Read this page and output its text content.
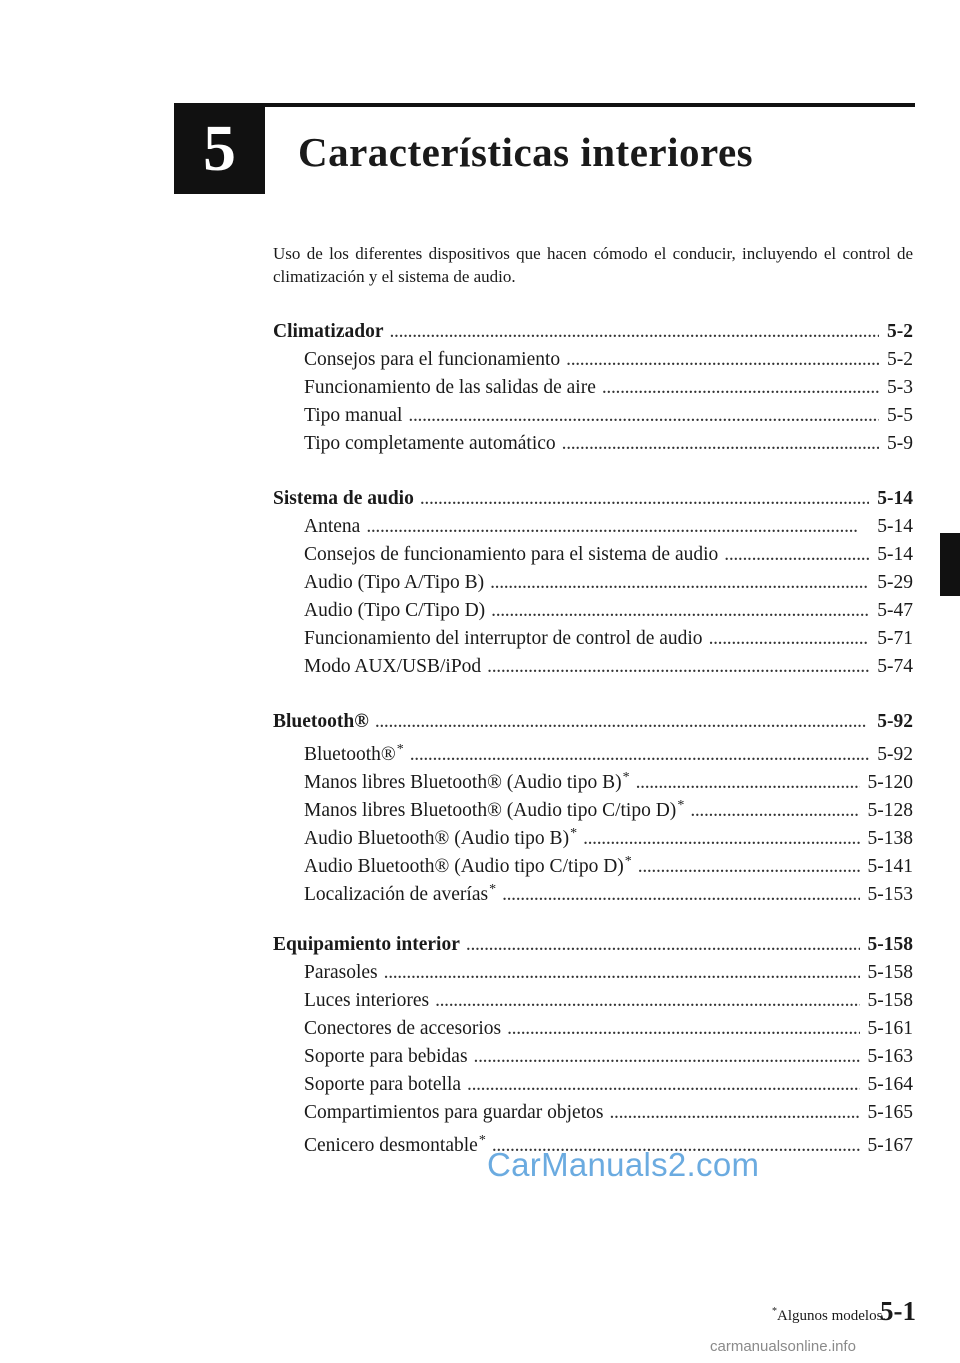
5	Características interiores
Uso de los diferentes dispositivos que hacen cómodo el conducir, incluyendo el control de climatización y el sistema de audio.
Climatizador . . .	5-2
Consejos para el funcionamiento . . .	5-2
Funcionamiento de las salidas de aire . . .	5-3
Tipo manual . . .	5-5
Tipo completamente automático . . .	5-9
Sistema de audio . . .	5-14
Antena . . .	5-14
Consejos de funcionamiento para el sistema de audio . . .	5-14
Audio (Tipo A/Tipo B) . . .	5-29
Audio (Tipo C/Tipo D) . . .	5-47
Funcionamiento del interruptor de control de audio . . .	5-71
Modo AUX/USB/iPod . . .	5-74
Bluetooth® . . .	5-92
Bluetooth®* . . .	5-92
Manos libres Bluetooth® (Audio tipo B)* . . .	5-120
Manos libres Bluetooth® (Audio tipo C/tipo D)* . . .	5-128
Audio Bluetooth® (Audio tipo B)* . . .	5-138
Audio Bluetooth® (Audio tipo C/tipo D)* . . .	5-141
Localización de averías* . . .	5-153
Equipamiento interior . . .	5-158
Parasoles . . .	5-158
Luces interiores . . .	5-158
Conectores de accesorios . . .	5-161
Soporte para bebidas . . .	5-163
Soporte para botella . . .	5-164
Compartimientos para guardar objetos . . .	5-165
Cenicero desmontable* . . .	5-167
CarManuals2.com
*Algunos modelos.
5-1
carmanualsonline.info
